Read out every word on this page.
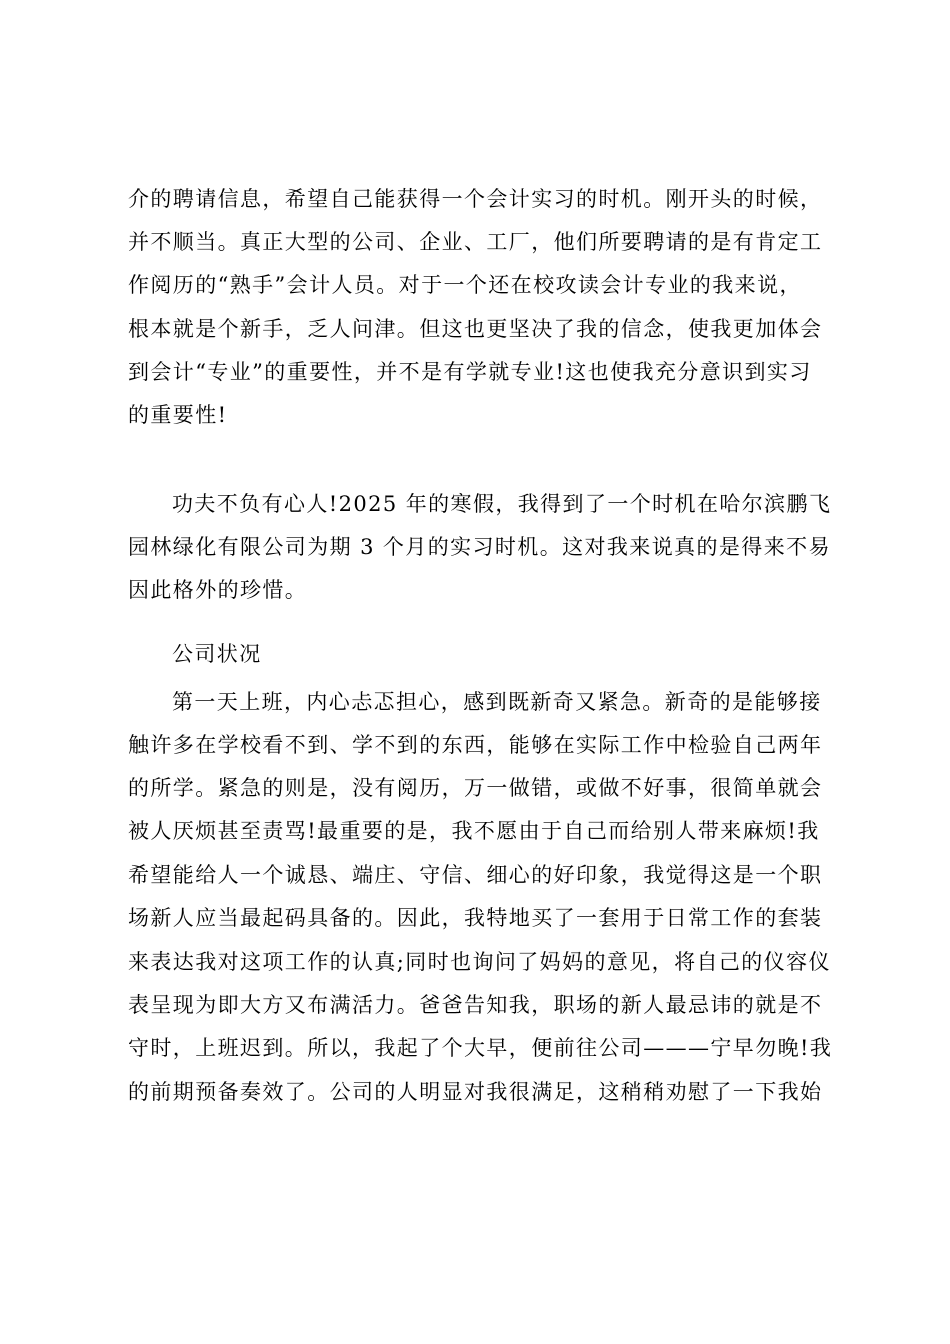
介的聘请信息，希望自己能获得一个会计实习的时机。刚开头的时候，
并不顺当。真正大型的公司、企业、工厂，他们所要聘请的是有肯定工
作阅历的“熟手”会计人员。对于一个还在校攻读会计专业的我来说，
根本就是个新手，乏人问津。但这也更坚决了我的信念，使我更加体会
到会计“专业”的重要性，并不是有学就专业!这也使我充分意识到实习
的重要性!
功夫不负有心人!2025 年的寒假，我得到了一个时机在哈尔滨鹏飞
园林绿化有限公司为期 3 个月的实习时机。这对我来说真的是得来不易
因此格外的珍惜。
公司状况
第一天上班，内心忐忑担心，感到既新奇又紧急。新奇的是能够接
触许多在学校看不到、学不到的东西，能够在实际工作中检验自己两年
的所学。紧急的则是，没有阅历，万一做错，或做不好事，很简单就会
被人厌烦甚至责骂!最重要的是，我不愿由于自己而给别人带来麻烦!我
希望能给人一个诚恳、端庄、守信、细心的好印象，我觉得这是一个职
场新人应当最起码具备的。因此，我特地买了一套用于日常工作的套装
来表达我对这项工作的认真;同时也询问了妈妈的意见，将自己的仪容仪
表呈现为即大方又布满活力。爸爸告知我，职场的新人最忌讳的就是不
守时，上班迟到。所以，我起了个大早，便前往公司———宁早勿晚!我
的前期预备奏效了。公司的人明显对我很满足，这稍稍劝慰了一下我始
